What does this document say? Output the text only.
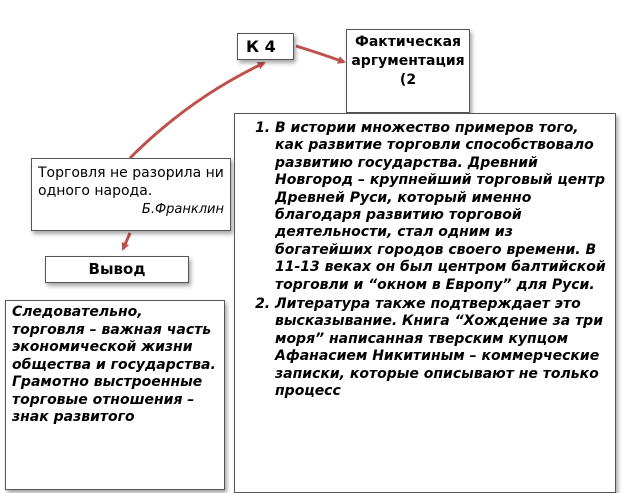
К 4	Фактическая аргументация (2
Торговля не разорила ни одного народа.
Б.Франклин
Вывод
Следовательно, торговля – важная часть экономической жизни общества и государства. Грамотно выстроенные торговые отношения – знак развитого
1. В истории множество примеров того, как развитие торговли способствовало развитию государства. Древний Новгород – крупнейший торговый центр Древней Руси, который именно благодаря развитию торговой деятельности, стал одним из богатейших городов своего времени. В 11-13 веках он был центром балтийской торговли и “окном в Европу” для Руси.
2. Литература также подтверждает это высказывание. Книга “Хождение за три моря” написанная тверским купцом Афанасием Никитиным – коммерческие записки, которые описывают не только процесс
